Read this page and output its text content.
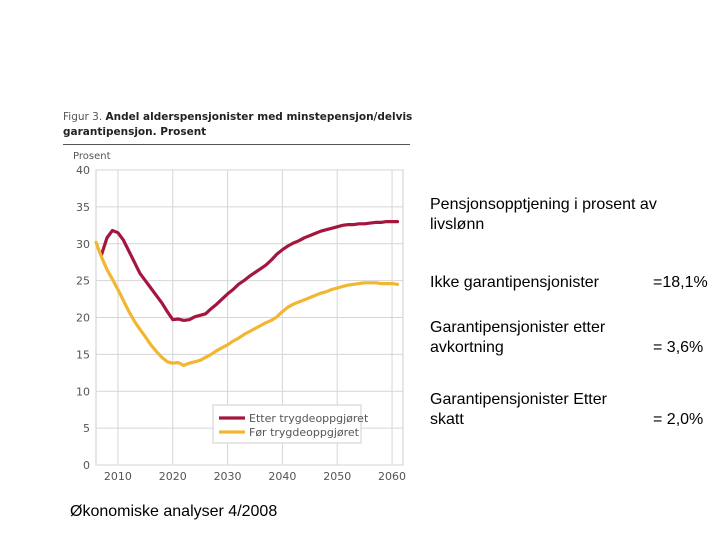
Figur 3. Andel alderspensjonister med minstepensjon/delvis garantipensjon. Prosent
Prosent
0
5
10
15
20
25
30
35
40
2010 2020 2030 2040 2050 2060
Etter trygdeoppgjøret
Før trygdeoppgjøret
Økonomiske analyser 4/2008
Pensjonsopptjening i prosent av livslønn
Ikke garantipensjonister	=18,1%
Garantipensjonister etter avkortning	= 3,6%
Garantipensjonister Etter skatt	= 2,0%
